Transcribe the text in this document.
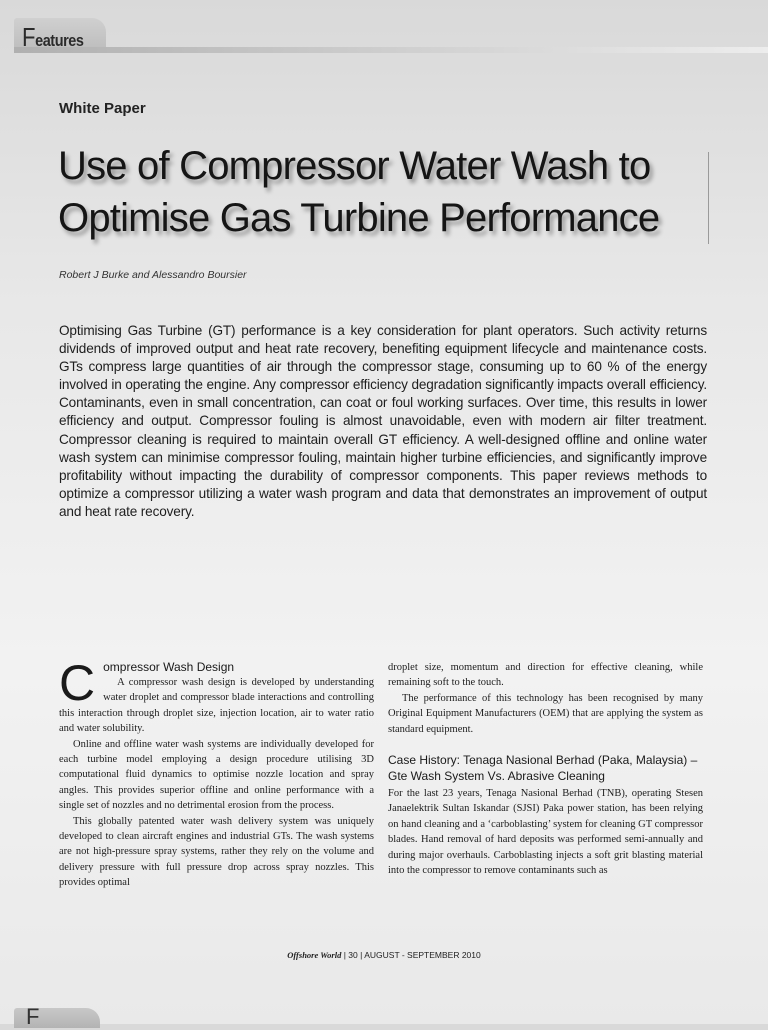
Features
White Paper
Use of Compressor Water Wash to
Optimise Gas Turbine Performance
Robert J Burke and Alessandro Boursier
Optimising Gas Turbine (GT) performance is a key consideration for plant operators. Such activity returns dividends of improved output and heat rate recovery, benefiting equipment lifecycle and maintenance costs. GTs compress large quantities of air through the compressor stage, consuming up to 60 % of the energy involved in operating the engine. Any compressor efficiency degradation significantly impacts overall efficiency. Contaminants, even in small concentration, can coat or foul working surfaces. Over time, this results in lower efficiency and output. Compressor fouling is almost unavoidable, even with modern air filter treatment. Compressor cleaning is required to maintain overall GT efficiency. A well-designed offline and online water wash system can minimise compressor fouling, maintain higher turbine efficiencies, and significantly improve profitability without impacting the durability of compressor components. This paper reviews methods to optimize a compressor utilizing a water wash program and data that demonstrates an improvement of output and heat rate recovery.
C ompressor Wash Design

A compressor wash design is developed by understanding water droplet and compressor blade interactions and controlling this interaction through droplet size, injection location, air to water ratio and water solubility.

Online and offline water wash systems are individually developed for each turbine model employing a design procedure utilising 3D computational fluid dynamics to optimise nozzle location and spray angles. This provides superior offline and online performance with a single set of nozzles and no detrimental erosion from the process.

This globally patented water wash delivery system was uniquely developed to clean aircraft engines and industrial GTs. The wash systems are not high-pressure spray systems, rather they rely on the volume and delivery pressure with full pressure drop across spray nozzles. This provides optimal

droplet size, momentum and direction for effective cleaning, while remaining soft to the touch.

The performance of this technology has been recognised by many Original Equipment Manufacturers (OEM) that are applying the system as standard equipment.

Case History: Tenaga Nasional Berhad (Paka, Malaysia) – Gte Wash System Vs. Abrasive Cleaning

For the last 23 years, Tenaga Nasional Berhad (TNB), operating Stesen Janaelektrik Sultan Iskandar (SJSI) Paka power station, has been relying on hand cleaning and a ‘carboblasting’ system for cleaning GT compressor blades. Hand removal of hard deposits was performed semi-annually and during major overhauls. Carboblasting injects a soft grit blasting material into the compressor to remove contaminants such as

Offshore World | 30 | AUGUST - SEPTEMBER 2010
F
